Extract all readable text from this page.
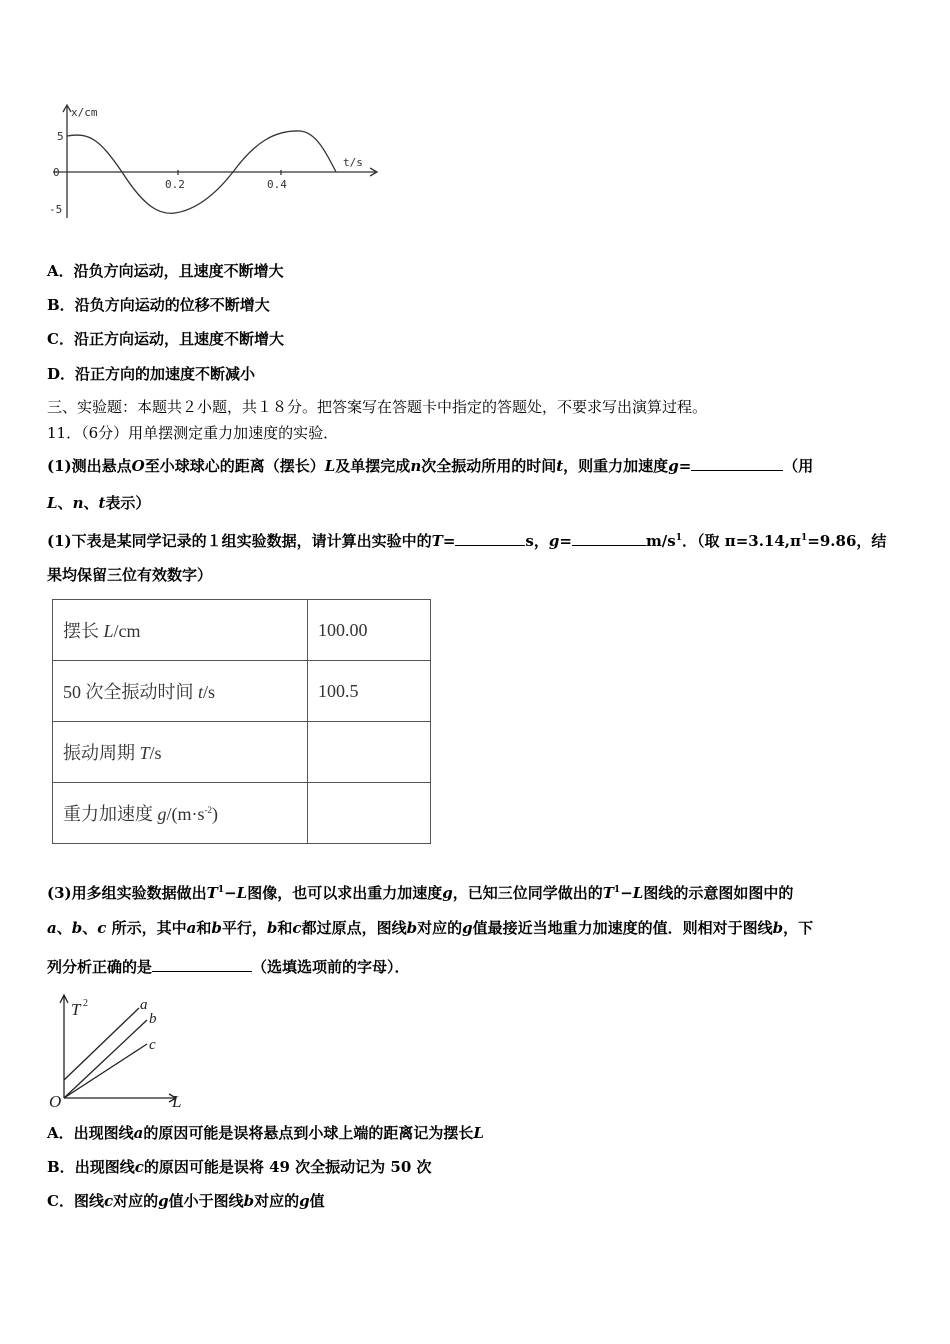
x/cm
t/s
5
0
-5
0.2	0.4
A．沿负方向运动，且速度不断增大
B．沿负方向运动的位移不断增大
C．沿正方向运动，且速度不断增大
D．沿正方向的加速度不断减小
三、实验题：本题共２小题，共１８分。把答案写在答题卡中指定的答题处，不要求写出演算过程。
11．（6分）用单摆测定重力加速度的实验．
(1)测出悬点O至小球球心的距离（摆长）L及单摆完成n次全振动所用的时间t，则重力加速度g=	（用
L、n、t表示）
(1)下表是某同学记录的１组实验数据，请计算出实验中的T=	s，g=	$m/s^1$．（取 $\pi=3.14,\pi^1=9.86$，结
果均保留三位有效数字）
摆长 L/cm	100.00
50 次全振动时间 t/s	100.5
振动周期 T/s	
重力加速度 $g/(m\cdot s^{-2})$	
(3)用多组实验数据做出$T^1-L$图像，也可以求出重力加速度g，已知三位同学做出的$T^1-L$图线的示意图如图中的
a、b、c 所示，其中a和b平行，b和c都过原点，图线b对应的g值最接近当地重力加速度的值．则相对于图线b，下
列分析正确的是	（选填选项前的字母）．
T 2
L
O
a
b
c
A．出现图线a的原因可能是误将悬点到小球上端的距离记为摆长L
B．出现图线c的原因可能是误将 49 次全振动记为 50 次
C．图线c对应的g值小于图线b对应的g值
